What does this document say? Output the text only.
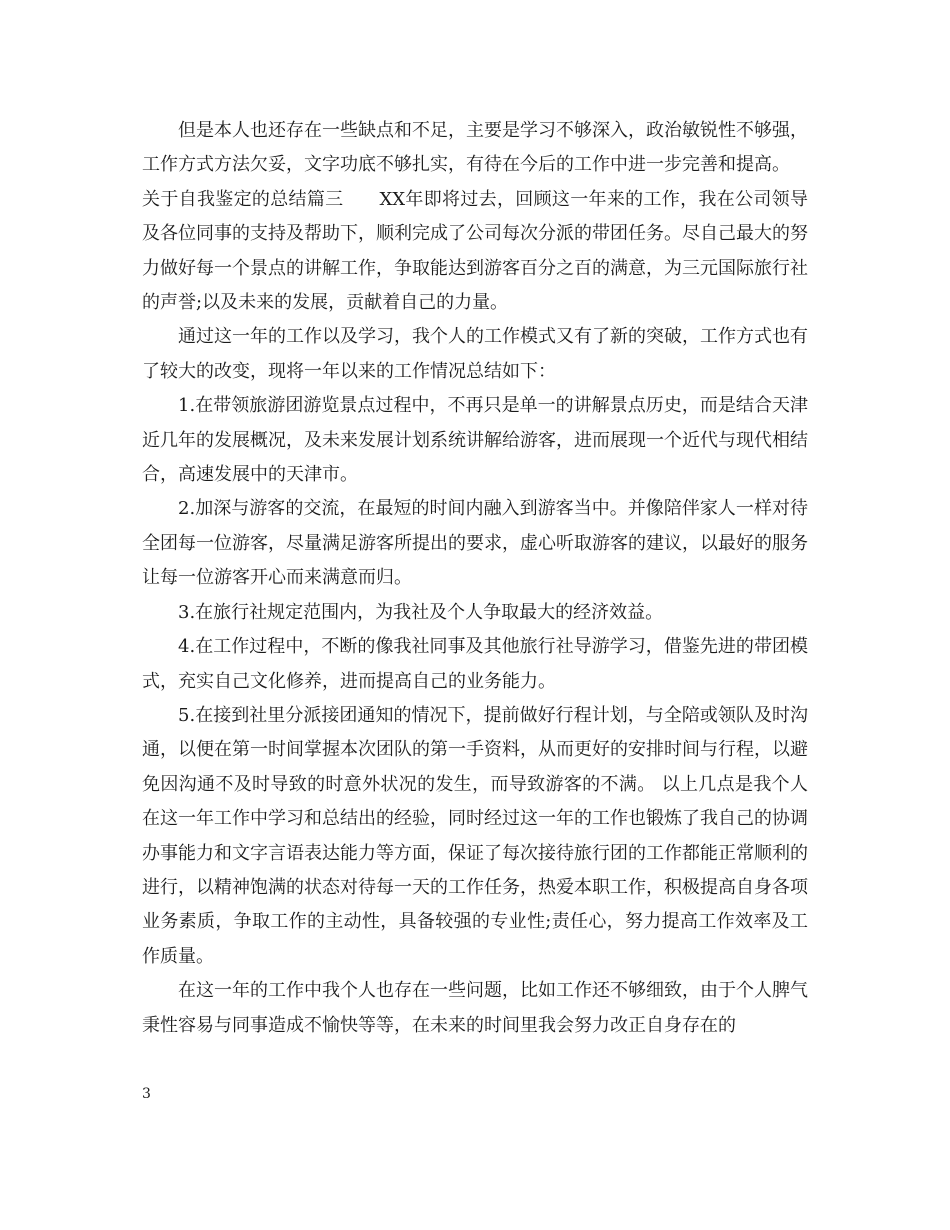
但是本人也还存在一些缺点和不足，主要是学习不够深入，政治敏锐性不够强，工作方式方法欠妥，文字功底不够扎实，有待在今后的工作中进一步完善和提高。

关于自我鉴定的总结篇三 XX年即将过去，回顾这一年来的工作，我在公司领导及各位同事的支持及帮助下，顺利完成了公司每次分派的带团任务。尽自己最大的努力做好每一个景点的讲解工作，争取能达到游客百分之百的满意，为三元国际旅行社的声誉;以及未来的发展，贡献着自己的力量。

通过这一年的工作以及学习，我个人的工作模式又有了新的突破，工作方式也有了较大的改变，现将一年以来的工作情况总结如下：

1.在带领旅游团游览景点过程中，不再只是单一的讲解景点历史，而是结合天津近几年的发展概况，及未来发展计划系统讲解给游客，进而展现一个近代与现代相结合，高速发展中的天津市。

2.加深与游客的交流，在最短的时间内融入到游客当中。并像陪伴家人一样对待全团每一位游客，尽量满足游客所提出的要求，虚心听取游客的建议，以最好的服务让每一位游客开心而来满意而归。

3.在旅行社规定范围内，为我社及个人争取最大的经济效益。

4.在工作过程中，不断的像我社同事及其他旅行社导游学习，借鉴先进的带团模式，充实自己文化修养，进而提高自己的业务能力。

5.在接到社里分派接团通知的情况下，提前做好行程计划，与全陪或领队及时沟通，以便在第一时间掌握本次团队的第一手资料，从而更好的安排时间与行程，以避免因沟通不及时导致的时意外状况的发生，而导致游客的不满。 以上几点是我个人在这一年工作中学习和总结出的经验，同时经过这一年的工作也锻炼了我自己的协调办事能力和文字言语表达能力等方面，保证了每次接待旅行团的工作都能正常顺利的进行，以精神饱满的状态对待每一天的工作任务，热爱本职工作，积极提高自身各项业务素质，争取工作的主动性，具备较强的专业性;责任心，努力提高工作效率及工作质量。

在这一年的工作中我个人也存在一些问题，比如工作还不够细致，由于个人脾气秉性容易与同事造成不愉快等等，在未来的时间里我会努力改正自身存在的

3
